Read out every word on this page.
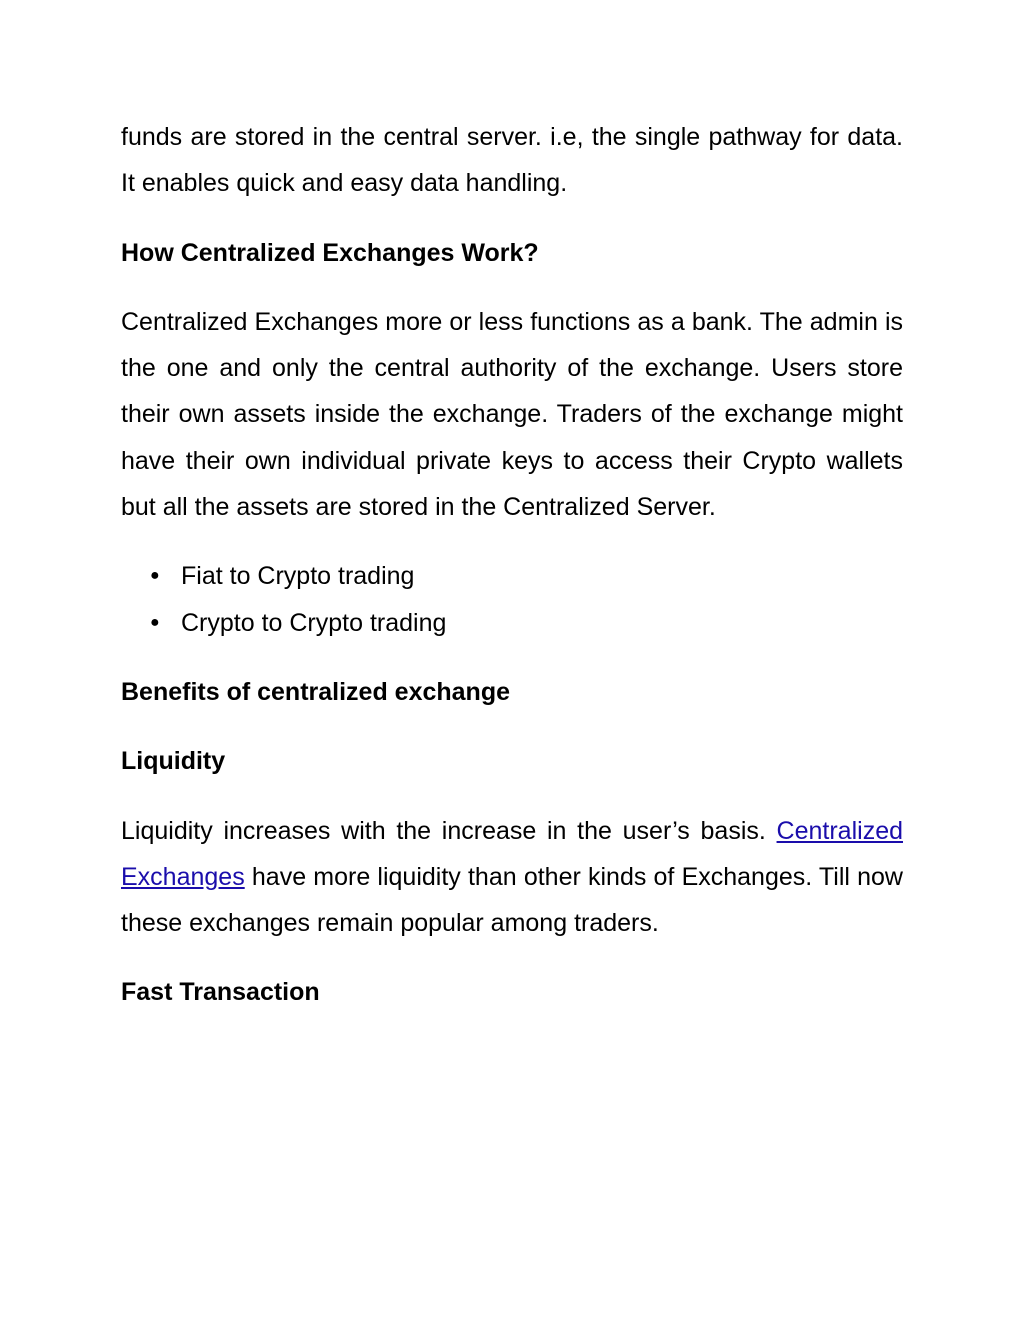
funds are stored in the central server. i.e, the single pathway for data. It enables quick and easy data handling.

How Centralized Exchanges Work?

Centralized Exchanges more or less functions as a bank. The admin is the one and only the central authority of the exchange. Users store their own assets inside the exchange. Traders of the exchange might have their own individual private keys to access their Crypto wallets but all the assets are stored in the Centralized Server.

● Fiat to Crypto trading
● Crypto to Crypto trading
Benefits of centralized exchange
Liquidity

Liquidity increases with the increase in the user’s basis. Centralized Exchanges have more liquidity than other kinds of Exchanges. Till now these exchanges remain popular among traders.

Fast Transaction
